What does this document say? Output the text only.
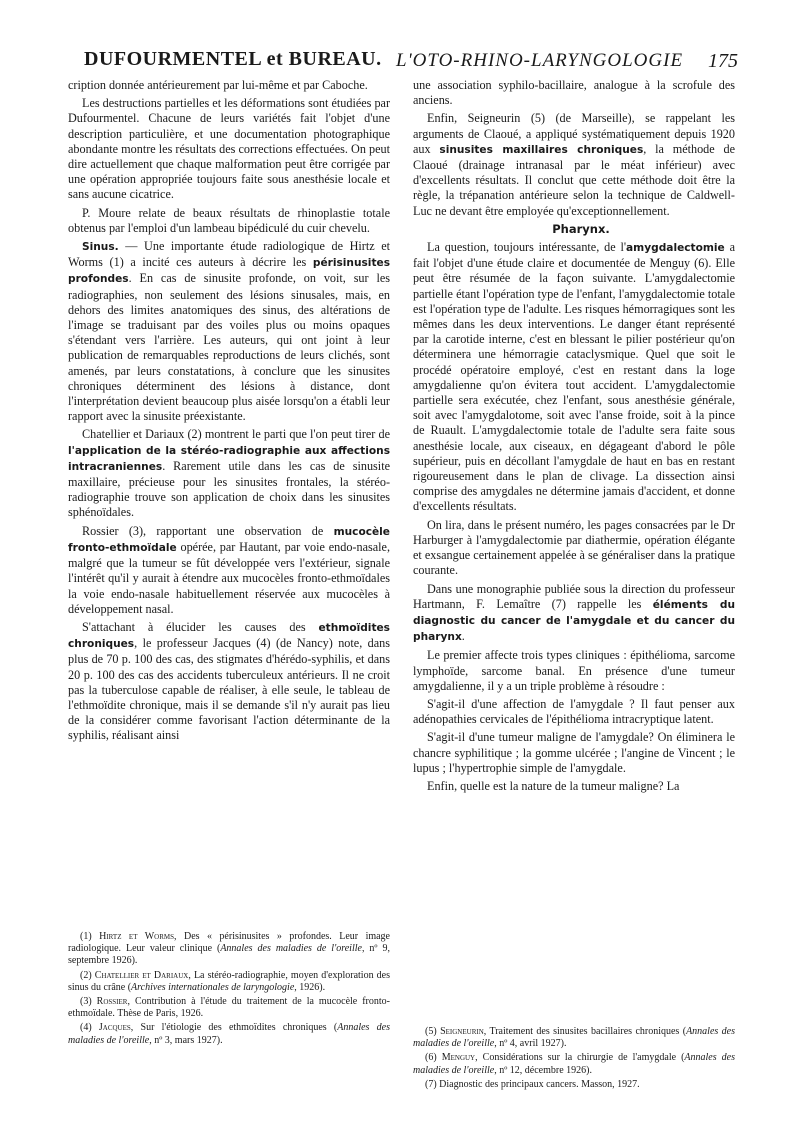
DUFOURMENTEL et BUREAU. L'OTO-RHINO-LARYNGOLOGIE 175

cription donnée antérieurement par lui-même et par Caboche.

Les destructions partielles et les déformations sont étudiées par Dufourmentel. Chacune de leurs variétés fait l'objet d'une description particulière, et une documentation photographique abondante montre les résultats des corrections effectuées. On peut dire actuellement que chaque malformation peut être corrigée par une opération appropriée toujours faite sous anesthésie locale et sans aucune cicatrice.

P. Moure relate de beaux résultats de rhinoplastie totale obtenus par l'emploi d'un lambeau bipédiculé du cuir chevelu.

Sinus. — Une importante étude radiologique de Hirtz et Worms (1) a incité ces auteurs à décrire les périsinusites profondes. En cas de sinusite profonde, on voit, sur les radiographies, non seulement des lésions sinusales, mais, en dehors des limites anatomiques des sinus, des altérations de l'image se traduisant par des voiles plus ou moins opaques s'étendant vers l'arrière. Les auteurs, qui ont joint à leur publication de remarquables reproductions de leurs clichés, sont amenés, par leurs constatations, à conclure que les sinusites chroniques déterminent des lésions à distance, dont l'interprétation devient beaucoup plus aisée lorsqu'on a établi leur rapport avec la sinusite préexistante.

Chatellier et Dariaux (2) montrent le parti que l'on peut tirer de l'application de la stéréo-radiographie aux affections intracraniennes. Rarement utile dans les cas de sinusite maxillaire, précieuse pour les sinusites frontales, la stéréo-radiographie trouve son application de choix dans les sinusites sphénoïdales.

Rossier (3), rapportant une observation de mucocèle fronto-ethmoïdale opérée, par Hautant, par voie endo-nasale, malgré que la tumeur se fût développée vers l'extérieur, signale l'intérêt qu'il y aurait à étendre aux mucocèles fronto-ethmoïdales la voie endo-nasale habituellement réservée aux mucocèles à développement nasal.

S'attachant à élucider les causes des ethmoïdites chroniques, le professeur Jacques (4) (de Nancy) note, dans plus de 70 p. 100 des cas, des stigmates d'hérédo-syphilis, et dans 20 p. 100 des cas des accidents tuberculeux antérieurs. Il ne croit pas la tuberculose capable de réaliser, à elle seule, le tableau de l'ethmoïdite chronique, mais il se demande s'il n'y aurait pas lieu de la considérer comme favorisant l'action déterminante de la syphilis, réalisant ainsi

(1) Hirtz et Worms, Des « périsinusites » profondes. Leur image radiologique. Leur valeur clinique (Annales des maladies de l'oreille, nº 9, septembre 1926).

(2) Chatellier et Dariaux, La stéréo-radiographie, moyen d'exploration des sinus du crâne (Archives internationales de laryngologie, 1926).

(3) Rossier, Contribution à l'étude du traitement de la mucocèle fronto-ethmoïdale. Thèse de Paris, 1926.

(4) Jacques, Sur l'étiologie des ethmoïdites chroniques (Annales des maladies de l'oreille, nº 3, mars 1927).

une association syphilo-bacillaire, analogue à la scrofule des anciens.

Enfin, Seigneurin (5) (de Marseille), se rappelant les arguments de Claoué, a appliqué systématiquement depuis 1920 aux sinusites maxillaires chroniques, la méthode de Claoué (drainage intranasal par le méat inférieur) avec d'excellents résultats. Il conclut que cette méthode doit être la règle, la trépanation antérieure selon la technique de Caldwell-Luc ne devant être employée qu'exceptionnellement.

Pharynx.

La question, toujours intéressante, de l'amygdalectomie a fait l'objet d'une étude claire et documentée de Menguy (6). Elle peut être résumée de la façon suivante. L'amygdalectomie partielle étant l'opération type de l'enfant, l'amygdalectomie totale est l'opération type de l'adulte. Les risques hémorragiques sont les mêmes dans les deux interventions. Le danger étant représenté par la carotide interne, c'est en blessant le pilier postérieur qu'on déterminera une hémorragie cataclysmique. Quel que soit le procédé opératoire employé, c'est en restant dans la loge amygdalienne qu'on évitera tout accident. L'amygdalectomie partielle sera exécutée, chez l'enfant, sous anesthésie générale, soit avec l'amygdalotome, soit avec l'anse froide, soit à la pince de Ruault. L'amygdalectomie totale de l'adulte sera faite sous anesthésie locale, aux ciseaux, en dégageant d'abord le pôle supérieur, puis en décollant l'amygdale de haut en bas en restant rigoureusement dans le plan de clivage. La dissection ainsi comprise des amygdales ne détermine jamais d'accident, et donne d'excellents résultats.

On lira, dans le présent numéro, les pages consacrées par le Dr Harburger à l'amygdalectomie par diathermie, opération élégante et exsangue certainement appelée à se généraliser dans la pratique courante.

Dans une monographie publiée sous la direction du professeur Hartmann, F. Lemaître (7) rappelle les éléments du diagnostic du cancer de l'amygdale et du cancer du pharynx.

Le premier affecte trois types cliniques : épithélioma, sarcome lymphoïde, sarcome banal. En présence d'une tumeur amygdalienne, il y a un triple problème à résoudre :

S'agit-il d'une affection de l'amygdale ? Il faut penser aux adénopathies cervicales de l'épithélioma intracryptique latent.

S'agit-il d'une tumeur maligne de l'amygdale? On éliminera le chancre syphilitique ; la gomme ulcérée ; l'angine de Vincent ; le lupus ; l'hypertrophie simple de l'amygdale.

Enfin, quelle est la nature de la tumeur maligne? La

(5) Seigneurin, Traitement des sinusites bacillaires chroniques (Annales des maladies de l'oreille, nº 4, avril 1927).

(6) Menguy, Considérations sur la chirurgie de l'amygdale (Annales des maladies de l'oreille, nº 12, décembre 1926).

(7) Diagnostic des principaux cancers. Masson, 1927.
